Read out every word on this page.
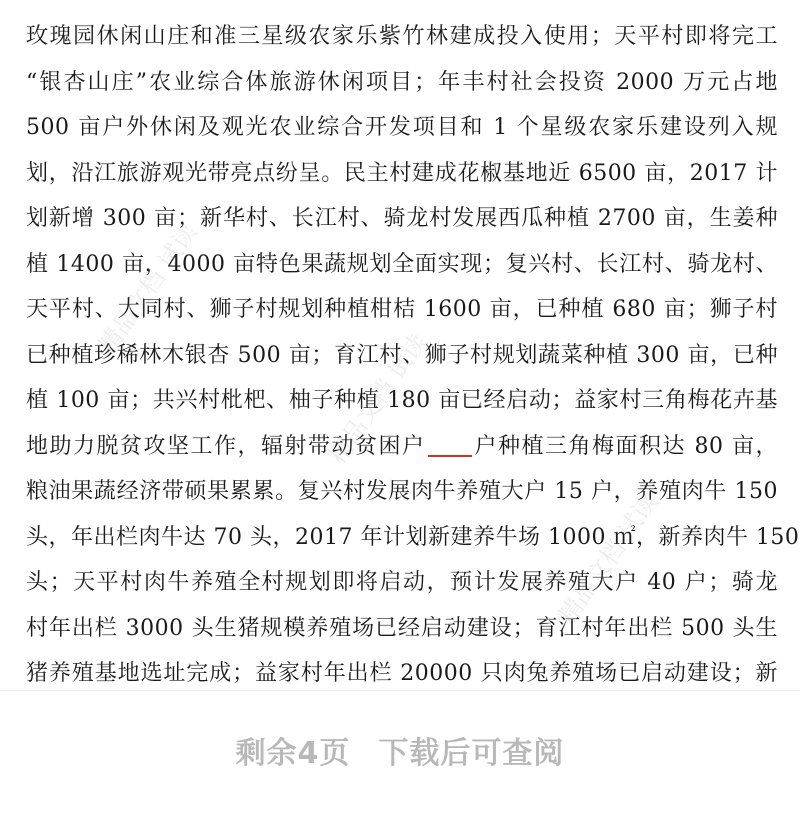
玫瑰园休闲山庄和准三星级农家乐紫竹林建成投入使用；天平村即将完工
“银杏山庄”农业综合体旅游休闲项目；年丰村社会投资 2000 万元占地
500 亩户外休闲及观光农业综合开发项目和 1 个星级农家乐建设列入规
划，沿江旅游观光带亮点纷呈。民主村建成花椒基地近 6500 亩，2017 计
划新增 300 亩；新华村、长江村、骑龙村发展西瓜种植 2700 亩，生姜种
植 1400 亩，4000 亩特色果蔬规划全面实现；复兴村、长江村、骑龙村、
天平村、大同村、狮子村规划种植柑桔 1600 亩，已种植 680 亩；狮子村
已种植珍稀林木银杏 500 亩；育江村、狮子村规划蔬菜种植 300 亩，已种
植 100 亩；共兴村枇杷、柚子种植 180 亩已经启动；益家村三角梅花卉基
地助力脱贫攻坚工作，辐射带动贫困户 户种植三角梅面积达 80 亩，
粮油果蔬经济带硕果累累。复兴村发展肉牛养殖大户 15 户，养殖肉牛 150
头，年出栏肉牛达 70 头，2017 年计划新建养牛场 1000 ㎡，新养肉牛 150
头；天平村肉牛养殖全村规划即将启动，预计发展养殖大户 40 户；骑龙
村年出栏 3000 头生猪规模养殖场已经启动建设；育江村年出栏 500 头生
猪养殖基地选址完成；益家村年出栏 20000 只肉兔养殖场已启动建设；新
精品文档 试读
精品文档 试读
精品文档 试读
剩余4页 下载后可查阅
